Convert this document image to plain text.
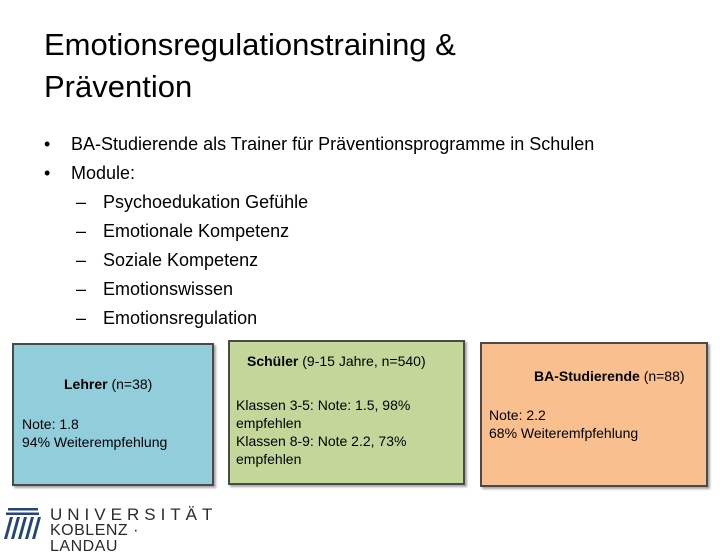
Emotionsregulationstraining &
Prävention
• BA-Studierende als Trainer für Präventionsprogramme in Schulen
• Module:
– Psychoedukation Gefühle
– Emotionale Kompetenz
– Soziale Kompetenz
– Emotionswissen
– Emotionsregulation
Lehrer (n=38)
Note: 1.8
94% Weiterempfehlung
Schüler (9-15 Jahre, n=540)
Klassen 3-5: Note: 1.5, 98%
empfehlen
Klassen 8-9: Note 2.2, 73%
empfehlen
BA-Studierende (n=88)
Note: 2.2
68% Weiteremfpfehlung
UNIVERSITÄT
KOBLENZ · LANDAU
